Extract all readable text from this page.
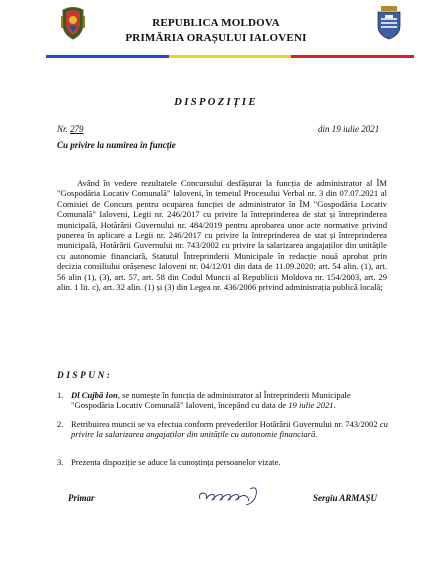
REPUBLICA MOLDOVA
PRIMĂRIA ORAȘULUI IALOVENI
DISPOZIȚIE
Nr. 279	din 19 iulie 2021
Cu privire la numirea în funcție
Având în vedere rezultatele Concursului desfășurat la funcția de administrator al ÎM "Gospodăria Locativ Comunală" Ialoveni, în temeiul Procesului Verbal nr. 3 din 07.07.2021 al Comisiei de Concurs pentru ocuparea funcției de administrator în ÎM "Gospodăria Locativ Comunală" Ialoveni, Legii nr. 246/2017 cu privire la întreprinderea de stat și întreprinderea municipală, Hotărârii Guvernului nr. 484/2019 pentru aprobarea unor acte normative privind punerea în aplicare a Legii nr. 246/2017 cu privire la întreprinderea de stat și întreprinderea municipală, Hotărârii Guvernului nr. 743/2002 cu privire la salarizarea angajaților din unitățile cu autonomie financiară, Statutul Întreprinderii Municipale în redacție nouă aprobat prin decizia consiliului orășenesc Ialoveni nr. 04/12/01 din data de 11.09.2020; art. 54 alin. (1), art. 56 alin (1), (3), art. 57, art. 58 din Codul Muncii al Republicii Moldova nr. 154/2003, art. 29 alin. 1 lit. c), art. 32 alin. (1) și (3) din Legea nr. 436/2006 privind administrația publică locală;
DISPUN:
1. Dl Cujbă Ion, se numește în funcția de administrator al Întreprinderii Municipale "Gospodăria Locativ Comunală" Ialoveni, începând cu data de 19 iulie 2021.
2. Retribuirea muncii se va efectua conform prevederilor Hotărârii Guvernului nr. 743/2002 cu privire la salarizarea angajaților din unitățile cu autonomie financiară.
3. Prezenta dispoziție se aduce la cunoștința persoanelor vizate.
Primar	Sergiu ARMAȘU
